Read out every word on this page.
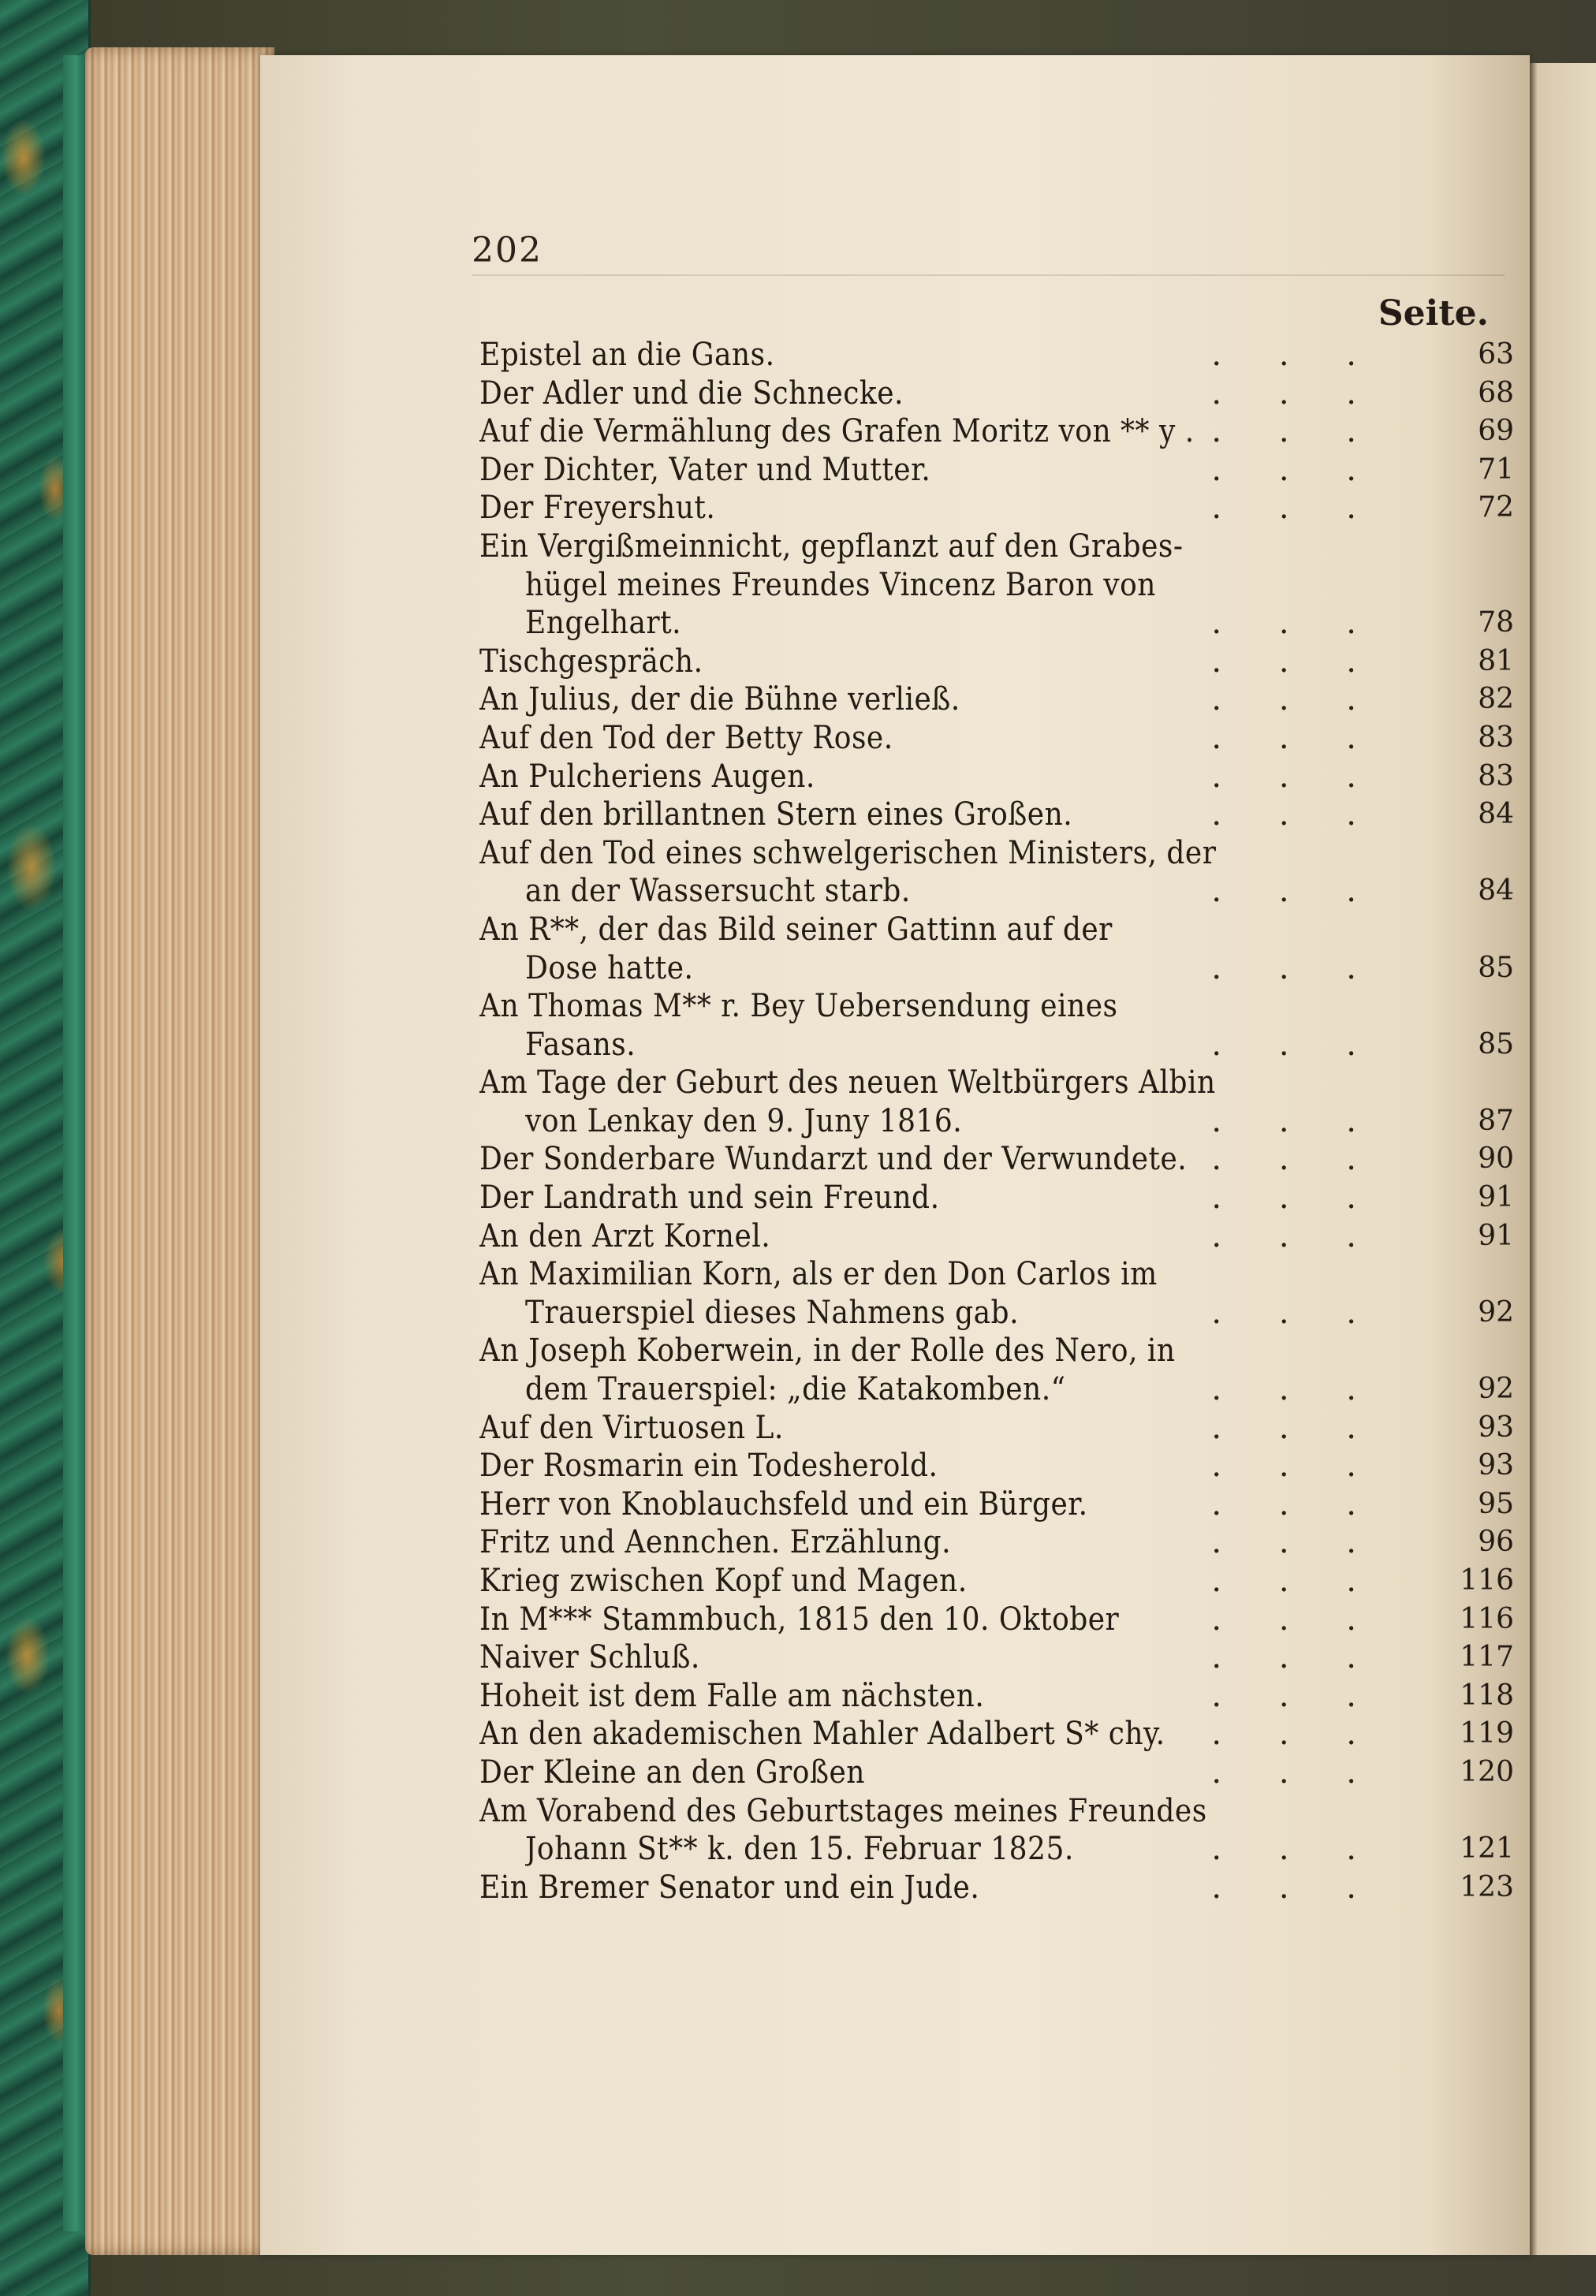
202
Seite.
Epistel an die Gans.	. . .	63
Der Adler und die Schnecke.	. . .	68
Auf die Vermählung des Grafen Moritz von ** y . . . .	69
Der Dichter, Vater und Mutter.	. . .	71
Der Freyershut.	. . .	72
Ein Vergißmeinnicht, gepflanzt auf den Grabes-
hügel meines Freundes Vincenz Baron von
Engelhart.	. . .	78
Tischgespräch.	. . .	81
An Julius, der die Bühne verließ.	. . .	82
Auf den Tod der Betty Rose.	. . .	83
An Pulcheriens Augen.	. . .	83
Auf den brillantnen Stern eines Großen.	. . .	84
Auf den Tod eines schwelgerischen Ministers, der
an der Wassersucht starb.	. . .	84
An R**, der das Bild seiner Gattinn auf der
Dose hatte.	. . .	85
An Thomas M** r. Bey Uebersendung eines
Fasans.	. . .	85
Am Tage der Geburt des neuen Weltbürgers Albin
von Lenkay den 9. Juny 1816.	. . .	87
Der Sonderbare Wundarzt und der Verwundete. . . .	90
Der Landrath und sein Freund.	. . .	91
An den Arzt Kornel.	. . .	91
An Maximilian Korn, als er den Don Carlos im
Trauerspiel dieses Nahmens gab.	. . .	92
An Joseph Koberwein, in der Rolle des Nero, in
dem Trauerspiel: „die Katakomben.“	. . .	92
Auf den Virtuosen L.	. . .	93
Der Rosmarin ein Todesherold.	. . .	93
Herr von Knoblauchsfeld und ein Bürger.	. . .	95
Fritz und Aennchen. Erzählung.	. . .	96
Krieg zwischen Kopf und Magen.	. . .	116
In M*** Stammbuch, 1815 den 10. Oktober	. . .	116
Naiver Schluß.	. . .	117
Hoheit ist dem Falle am nächsten.	. . .	118
An den akademischen Mahler Adalbert S* chy. . . .	119
Der Kleine an den Großen	. . .	120
Am Vorabend des Geburtstages meines Freundes
Johann St** k. den 15. Februar 1825.	. . .	121
Ein Bremer Senator und ein Jude.	. . .	123
